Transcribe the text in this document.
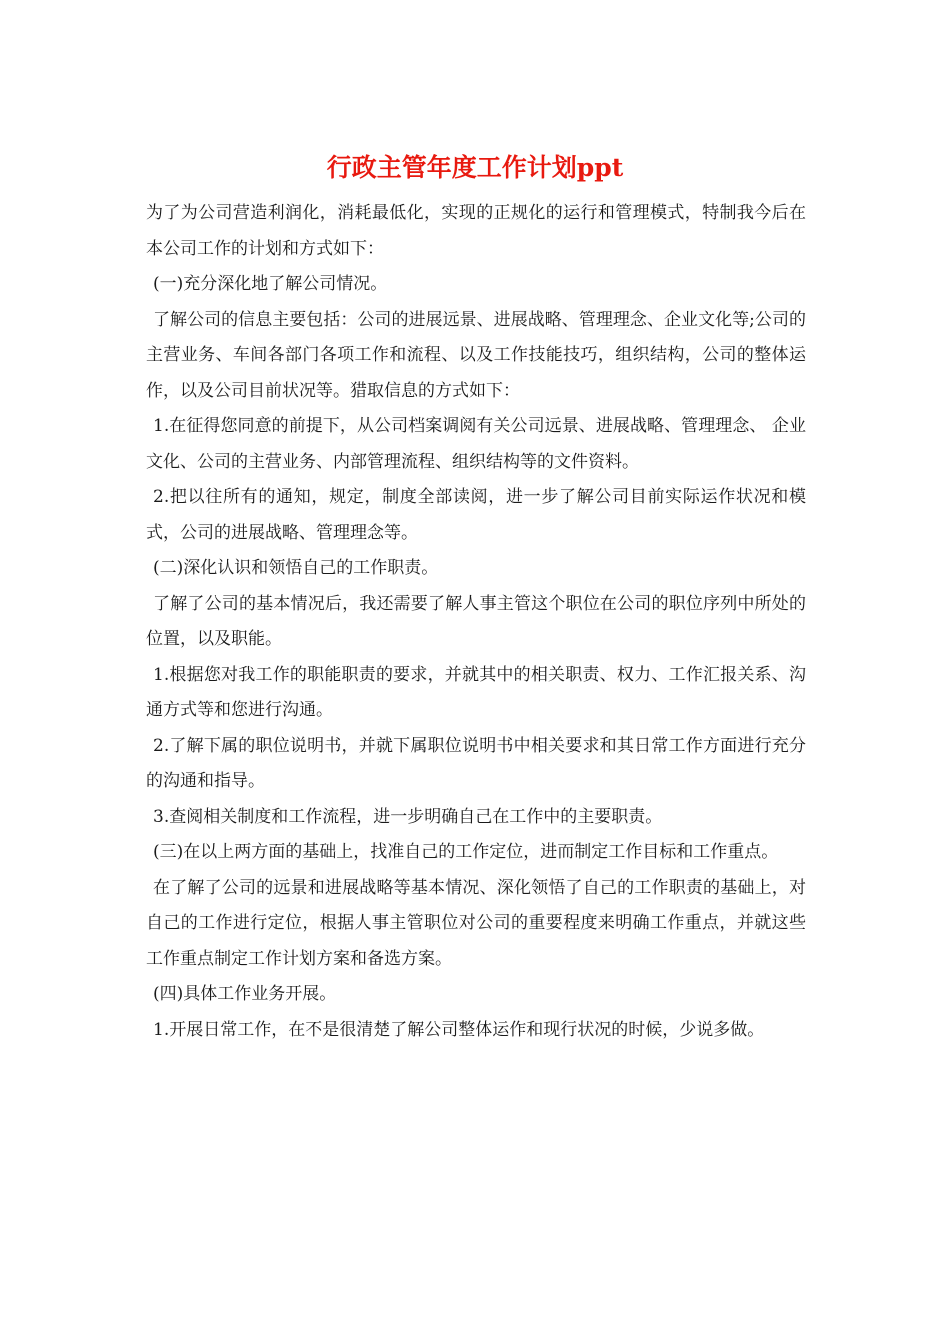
行政主管年度工作计划ppt

为了为公司营造利润化，消耗最低化，实现的正规化的运行和管理模式，特制我今后在本公司工作的计划和方式如下：

(一)充分深化地了解公司情况。

了解公司的信息主要包括：公司的进展远景、进展战略、管理理念、企业文化等;公司的主营业务、车间各部门各项工作和流程、以及工作技能技巧，组织结构，公司的整体运作，以及公司目前状况等。猎取信息的方式如下：

1.在征得您同意的前提下，从公司档案调阅有关公司远景、进展战略、管理理念、 企业文化、公司的主营业务、内部管理流程、组织结构等的文件资料。

2.把以往所有的通知，规定，制度全部读阅，进一步了解公司目前实际运作状况和模式，公司的进展战略、管理理念等。

(二)深化认识和领悟自己的工作职责。

了解了公司的基本情况后，我还需要了解人事主管这个职位在公司的职位序列中所处的位置，以及职能。

1.根据您对我工作的职能职责的要求，并就其中的相关职责、权力、工作汇报关系、沟通方式等和您进行沟通。

2.了解下属的职位说明书，并就下属职位说明书中相关要求和其日常工作方面进行充分的沟通和指导。

3.查阅相关制度和工作流程，进一步明确自己在工作中的主要职责。

(三)在以上两方面的基础上，找准自己的工作定位，进而制定工作目标和工作重点。

在了解了公司的远景和进展战略等基本情况、深化领悟了自己的工作职责的基础上，对自己的工作进行定位，根据人事主管职位对公司的重要程度来明确工作重点，并就这些工作重点制定工作计划方案和备选方案。

(四)具体工作业务开展。

1.开展日常工作，在不是很清楚了解公司整体运作和现行状况的时候，少说多做。
